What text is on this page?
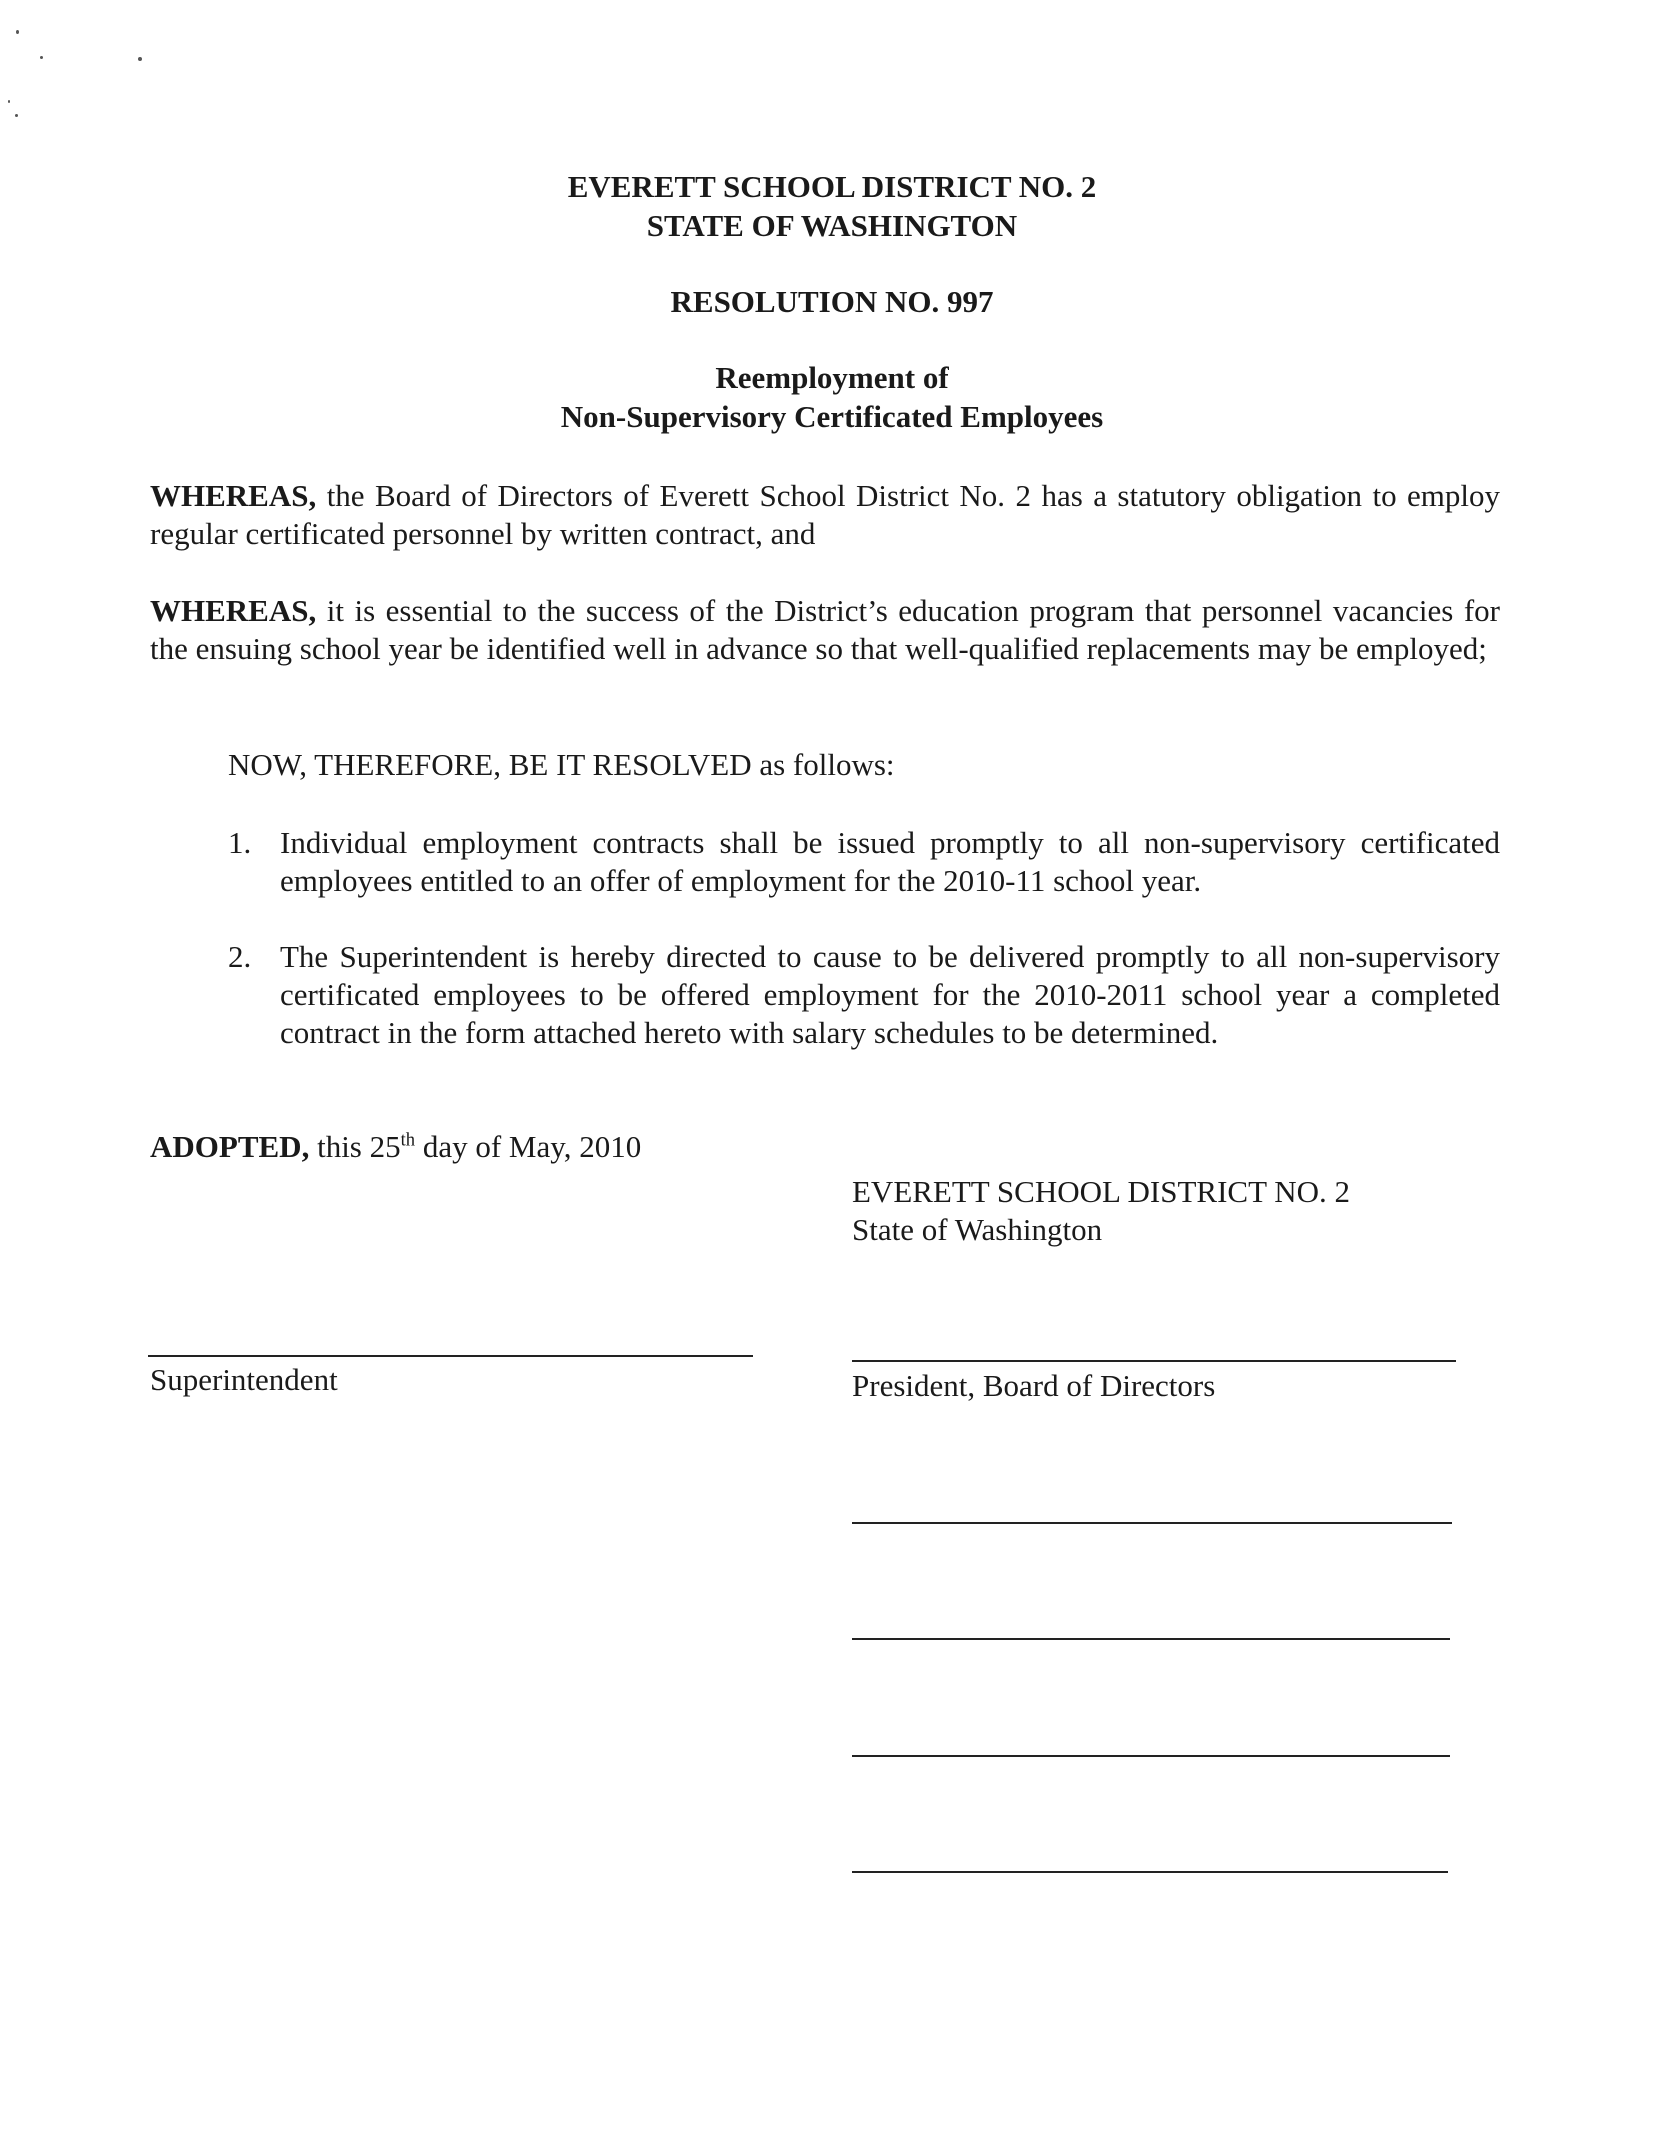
EVERETT SCHOOL DISTRICT NO. 2
STATE OF WASHINGTON
RESOLUTION NO. 997
Reemployment of
Non-Supervisory Certificated Employees
WHEREAS, the Board of Directors of Everett School District No. 2 has a statutory obligation to employ regular certificated personnel by written contract, and
WHEREAS, it is essential to the success of the District’s education program that personnel vacancies for the ensuing school year be identified well in advance so that well-qualified replacements may be employed;
NOW, THEREFORE, BE IT RESOLVED as follows:
1. Individual employment contracts shall be issued promptly to all non-supervisory certificated employees entitled to an offer of employment for the 2010-11 school year.
2. The Superintendent is hereby directed to cause to be delivered promptly to all non-supervisory certificated employees to be offered employment for the 2010-2011 school year a completed contract in the form attached hereto with salary schedules to be determined.
ADOPTED, this 25th day of May, 2010
EVERETT SCHOOL DISTRICT NO. 2
State of Washington
Superintendent	President, Board of Directors
